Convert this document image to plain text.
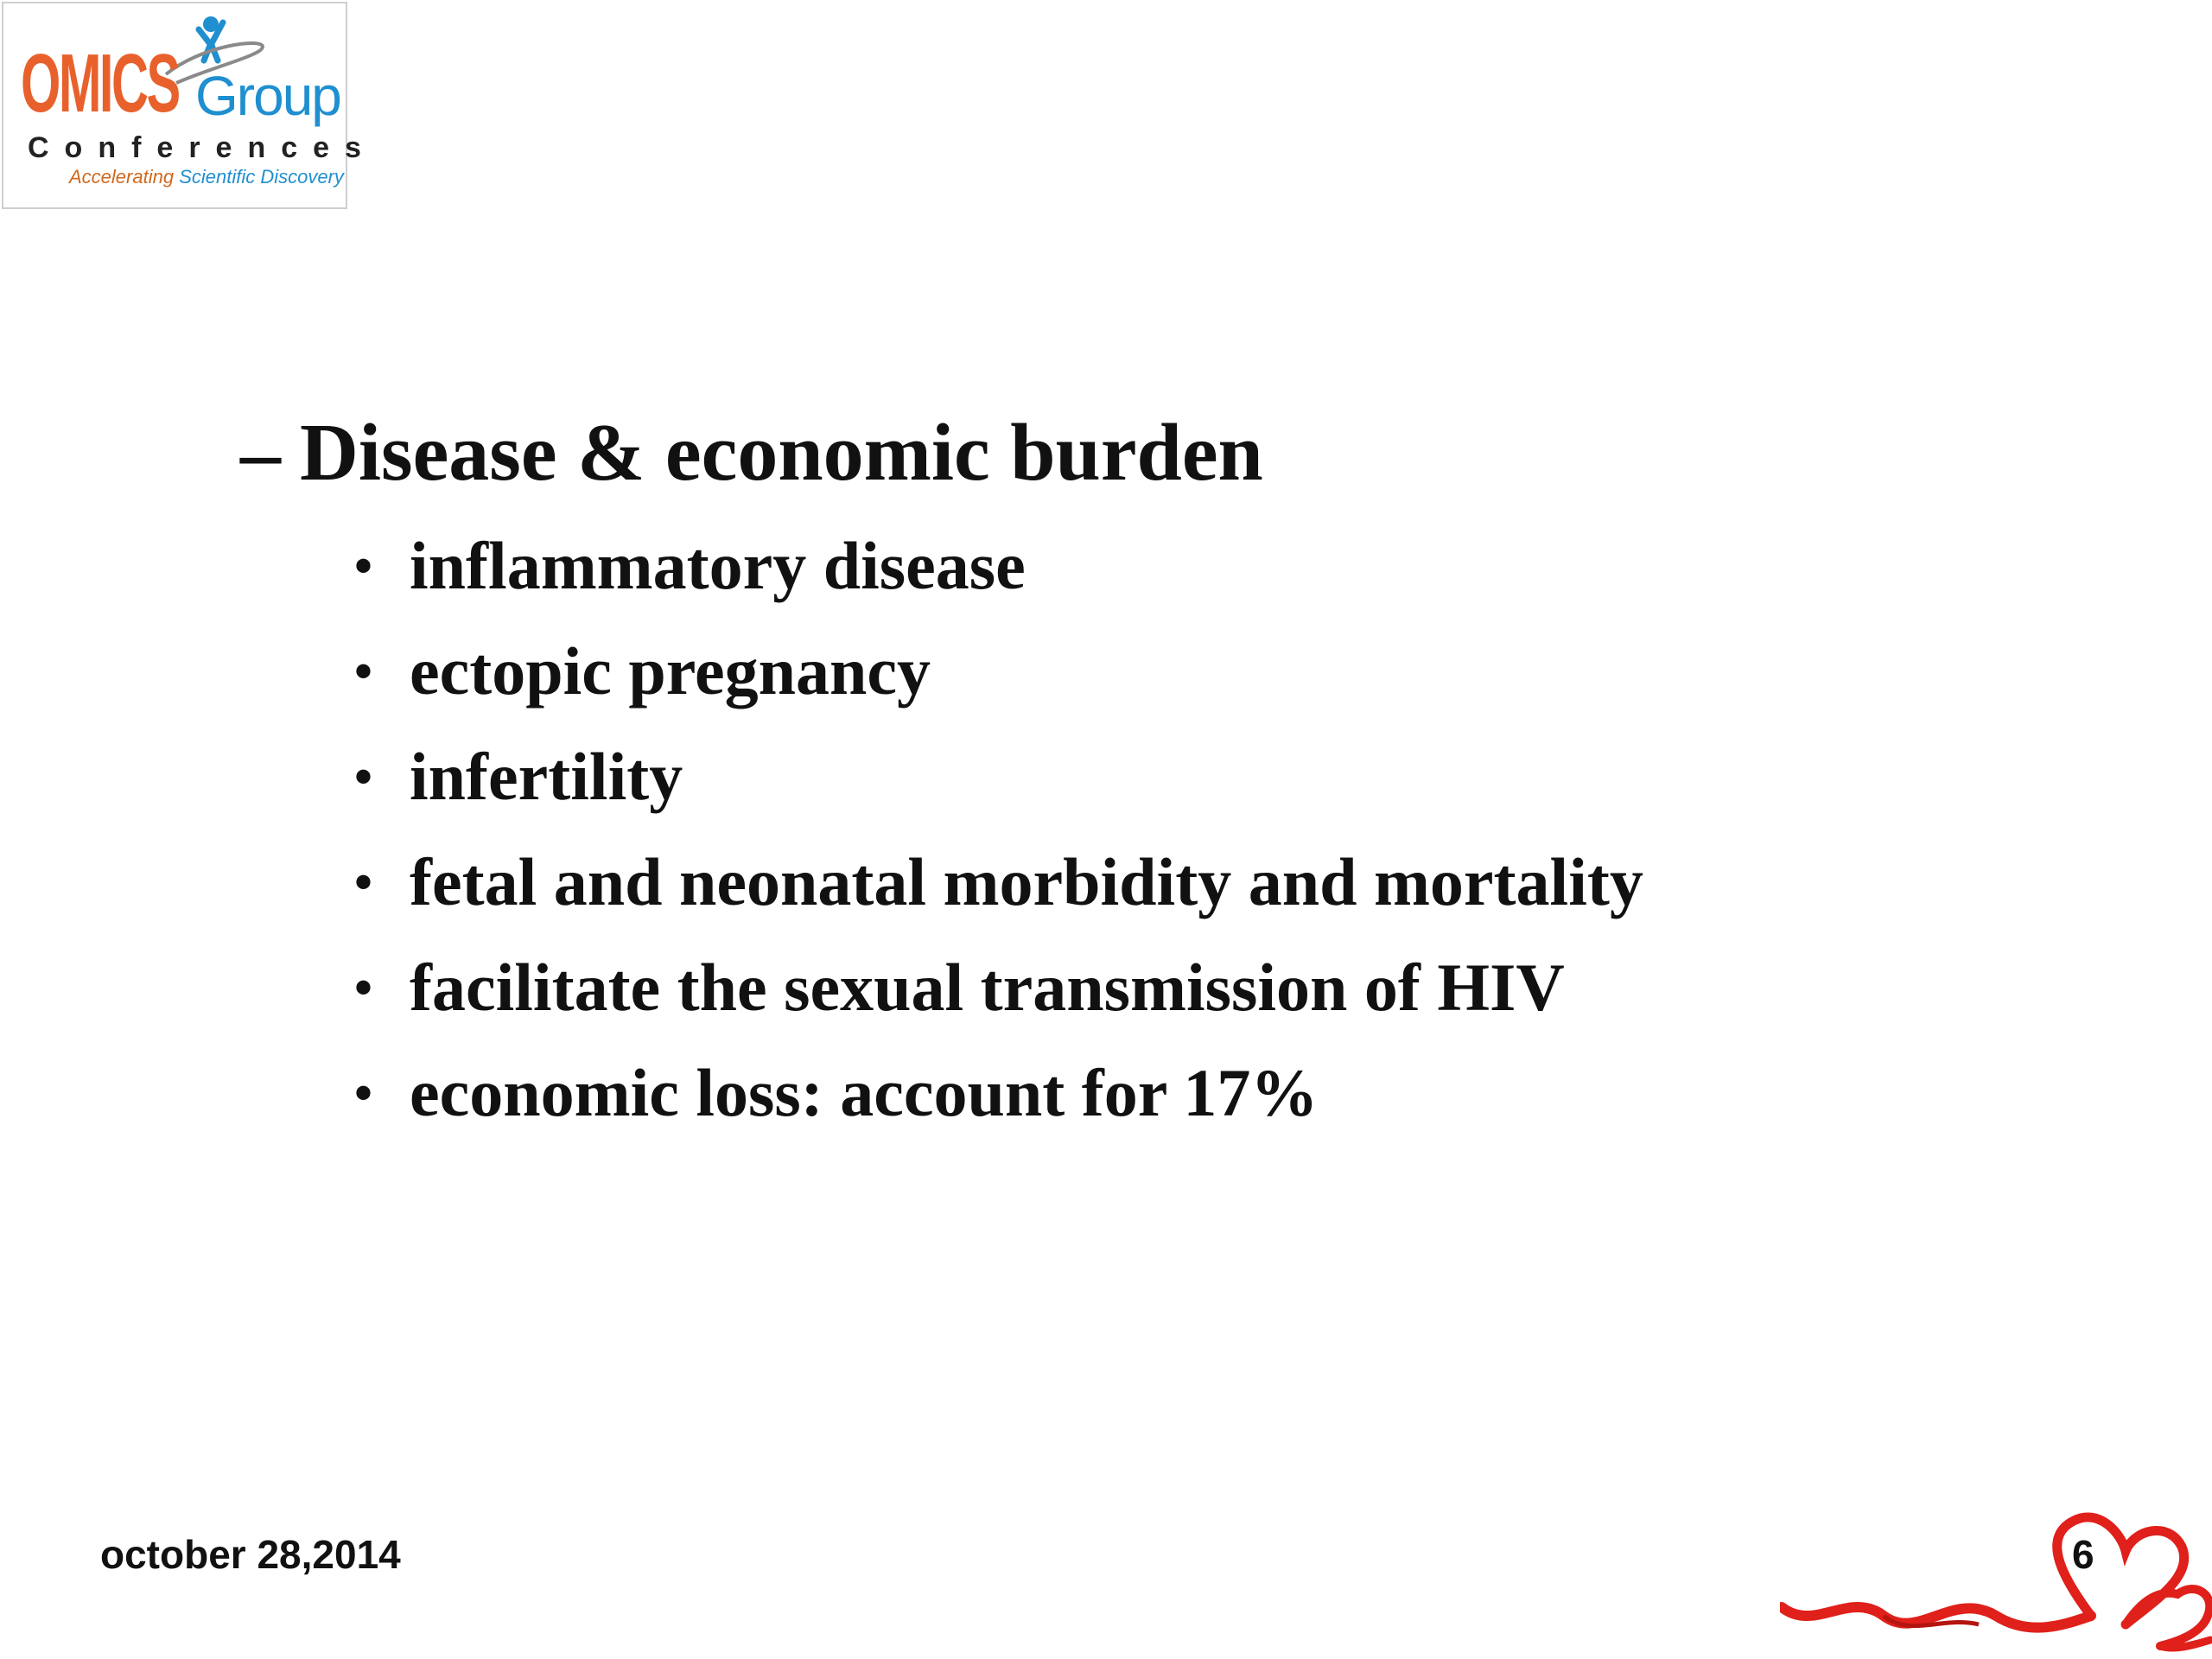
OMICS Group
Conferences
Accelerating Scientific Discovery
– Disease & economic burden
• inflammatory disease
• ectopic pregnancy
• infertility
• fetal and neonatal morbidity and mortality
• facilitate the sexual transmission of HIV
• economic loss: account for 17%
october 28,2014	6
